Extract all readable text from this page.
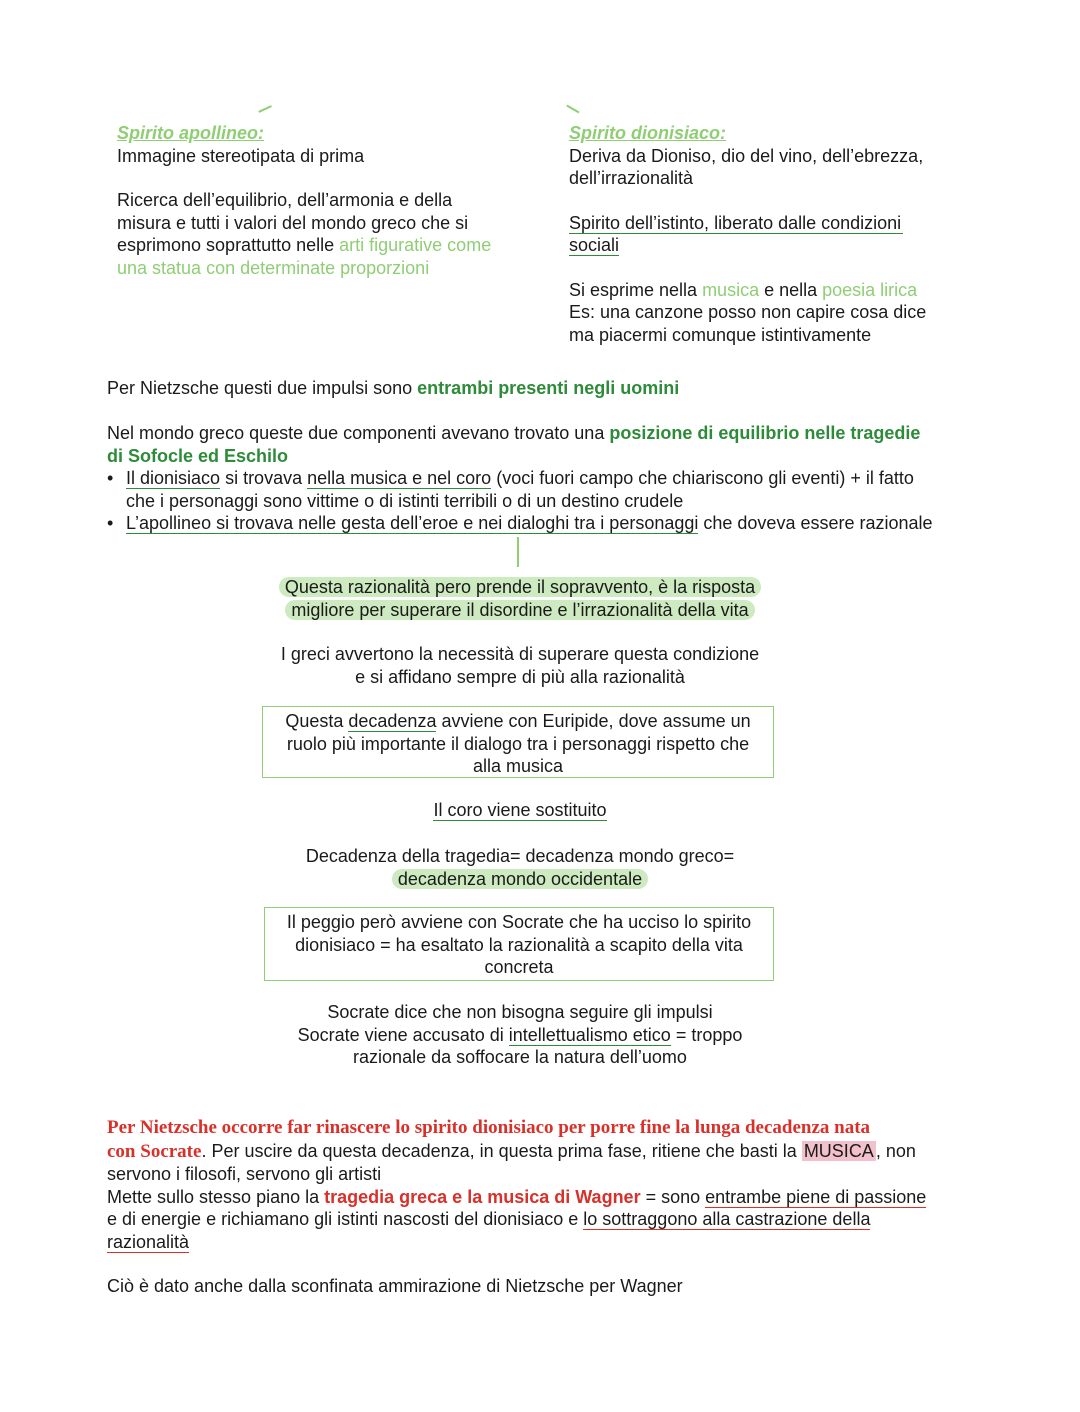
Spirito apollineo:
Immagine stereotipata di prima
Ricerca dell’equilibrio, dell’armonia e della
misura e tutti i valori del mondo greco che si
esprimono soprattutto nelle arti figurative come
una statua con determinate proporzioni
Spirito dionisiaco:
Deriva da Dioniso, dio del vino, dell’ebrezza,
dell’irrazionalità
Spirito dell’istinto, liberato dalle condizioni
sociali
Si esprime nella musica e nella poesia lirica
Es: una canzone posso non capire cosa dice
ma piacermi comunque istintivamente
Per Nietzsche questi due impulsi sono entrambi presenti negli uomini
Nel mondo greco queste due componenti avevano trovato una posizione di equilibrio nelle tragedie
di Sofocle ed Eschilo
• Il dionisiaco si trovava nella musica e nel coro (voci fuori campo che chiariscono gli eventi) + il fatto
che i personaggi sono vittime o di istinti terribili o di un destino crudele
• L’apollineo si trovava nelle gesta dell’eroe e nei dialoghi tra i personaggi che doveva essere razionale
Questa razionalità pero prende il sopravvento, è la risposta
migliore per superare il disordine e l’irrazionalità della vita
I greci avvertono la necessità di superare questa condizione
e si affidano sempre di più alla razionalità
Questa decadenza avviene con Euripide, dove assume un
ruolo più importante il dialogo tra i personaggi rispetto che
alla musica
Il coro viene sostituito
Decadenza della tragedia= decadenza mondo greco=
decadenza mondo occidentale
Il peggio però avviene con Socrate che ha ucciso lo spirito
dionisiaco = ha esaltato la razionalità a scapito della vita
concreta
Socrate dice che non bisogna seguire gli impulsi
Socrate viene accusato di intellettualismo etico = troppo
razionale da soffocare la natura dell’uomo
Per Nietzsche occorre far rinascere lo spirito dionisiaco per porre fine la lunga decadenza nata
con Socrate. Per uscire da questa decadenza, in questa prima fase, ritiene che basti la MUSICA , non
servono i filosofi, servono gli artisti
Mette sullo stesso piano la tragedia greca e la musica di Wagner = sono entrambe piene di passione
e di energie e richiamano gli istinti nascosti del dionisiaco e lo sottraggono alla castrazione della
razionalità
Ciò è dato anche dalla sconfinata ammirazione di Nietzsche per Wagner
